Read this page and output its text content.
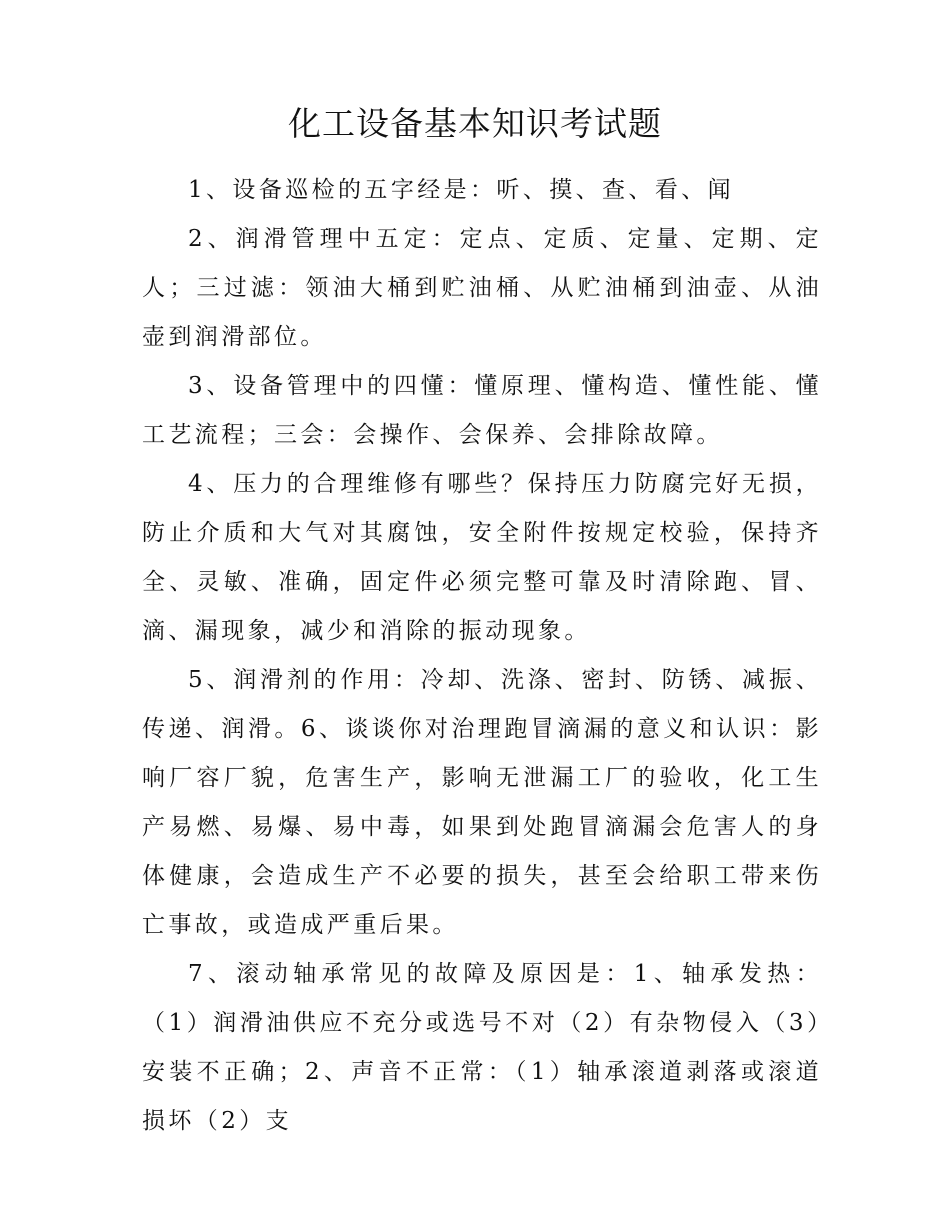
化工设备基本知识考试题

1、设备巡检的五字经是：听、摸、查、看、闻

2、润滑管理中五定：定点、定质、定量、定期、定人；三过滤：领油大桶到贮油桶、从贮油桶到油壶、从油壶到润滑部位。

3、设备管理中的四懂：懂原理、懂构造、懂性能、懂工艺流程；三会：会操作、会保养、会排除故障。

4、压力的合理维修有哪些？保持压力防腐完好无损，防止介质和大气对其腐蚀，安全附件按规定校验，保持齐全、灵敏、准确，固定件必须完整可靠及时清除跑、冒、滴、漏现象，减少和消除的振动现象。

5、润滑剂的作用：冷却、洗涤、密封、防锈、减振、传递、润滑。6、谈谈你对治理跑冒滴漏的意义和认识：影响厂容厂貌，危害生产，影响无泄漏工厂的验收，化工生产易燃、易爆、易中毒，如果到处跑冒滴漏会危害人的身体健康，会造成生产不必要的损失，甚至会给职工带来伤亡事故，或造成严重后果。

7、滚动轴承常见的故障及原因是：1、轴承发热：（1）润滑油供应不充分或选号不对（2）有杂物侵入（3）安装不正确；2、声音不正常：（1）轴承滚道剥落或滚道损坏（2）支
